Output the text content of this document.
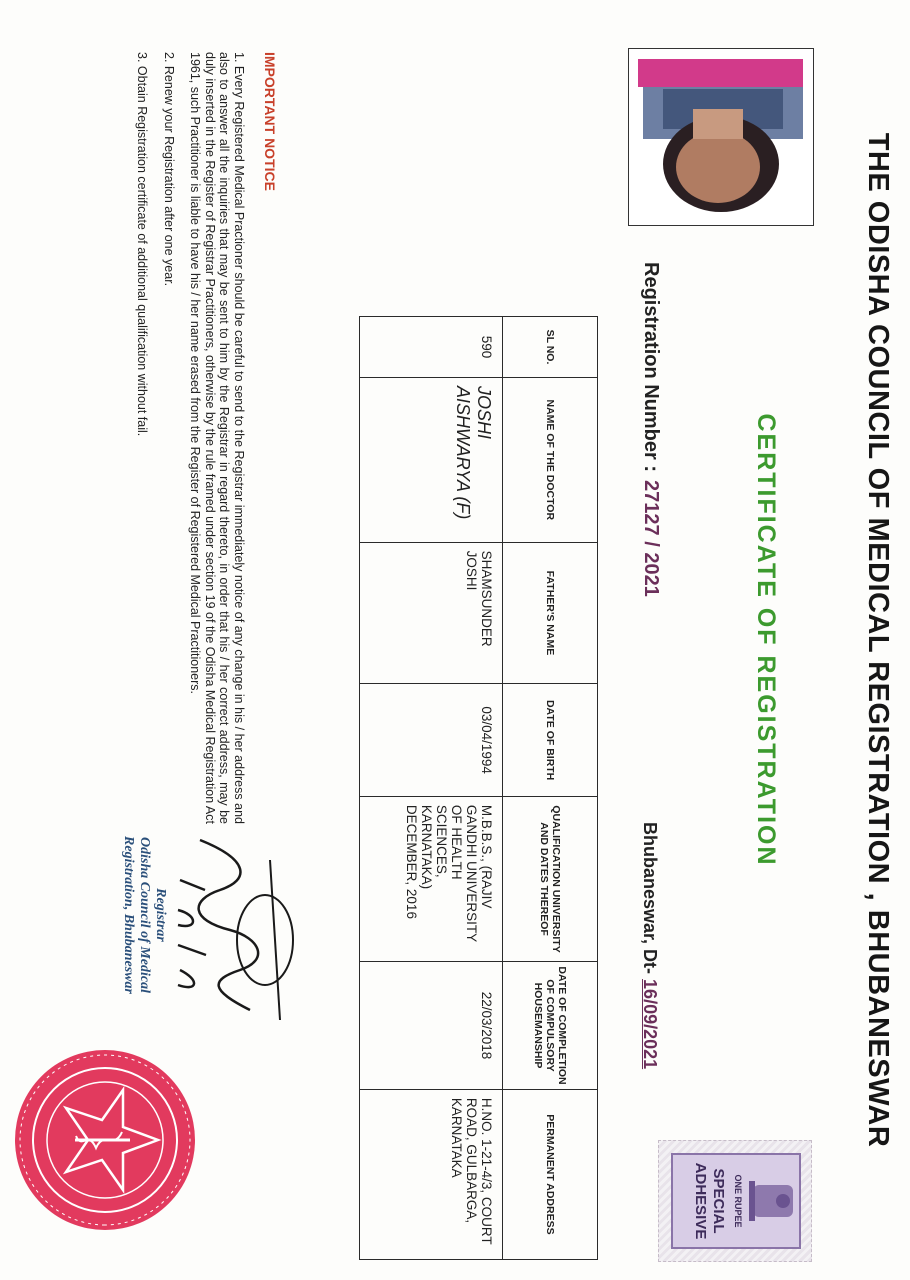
THE ODISHA COUNCIL OF MEDICAL REGISTRATION , BHUBANESWAR
CERTIFICATE OF REGISTRATION
Registration Number :27127 / 2021
Bhubaneswar, Dt- 16/09/2021
ONE RUPEE
SPECIAL
ADHESIVE
SL NO.	NAME OF THE DOCTOR	FATHER'S NAME	DATE OF BIRTH	QUALIFICATION UNIVERSITY AND DATES THEREOF	DATE OF COMPLETION OF COMPULSORY HOUSEMANSHIP	PERMANENT ADDRESS
590	JOSHI AISHWARYA (F)	SHAMSUNDER JOSHI	03/04/1994	M.B.B.S., (RAJIV GANDHI UNIVERSITY OF HEALTH SCIENCES, KARNATAKA) DECEMBER, 2016	22/03/2018	H.NO. 1-21-4/3, COURT ROAD, GULBARGA, KARNATAKA
IMPORTANT NOTICE

1. Every Registered Medical Practioner should be careful to send to the Registrar immediately notice of any change in his / her address and also to answer all the inquiries that may be sent to him by the Registrar in regard thereto, in order that his / her correct address, may be duly inserted in the Register of Registrar Practitioners, otherwise by the rule framed under section 19 of the Odisha Medical Registration Act 1961, such Practitioner is liable to have his / her name erased from the Register of Registered Medical Practitioners.

2. Renew your Registration after one year.

3. Obtain Registration certificate of additional qualification without fail.

Registrar
Odisha Council of Medical
Registration, Bhubaneswar
